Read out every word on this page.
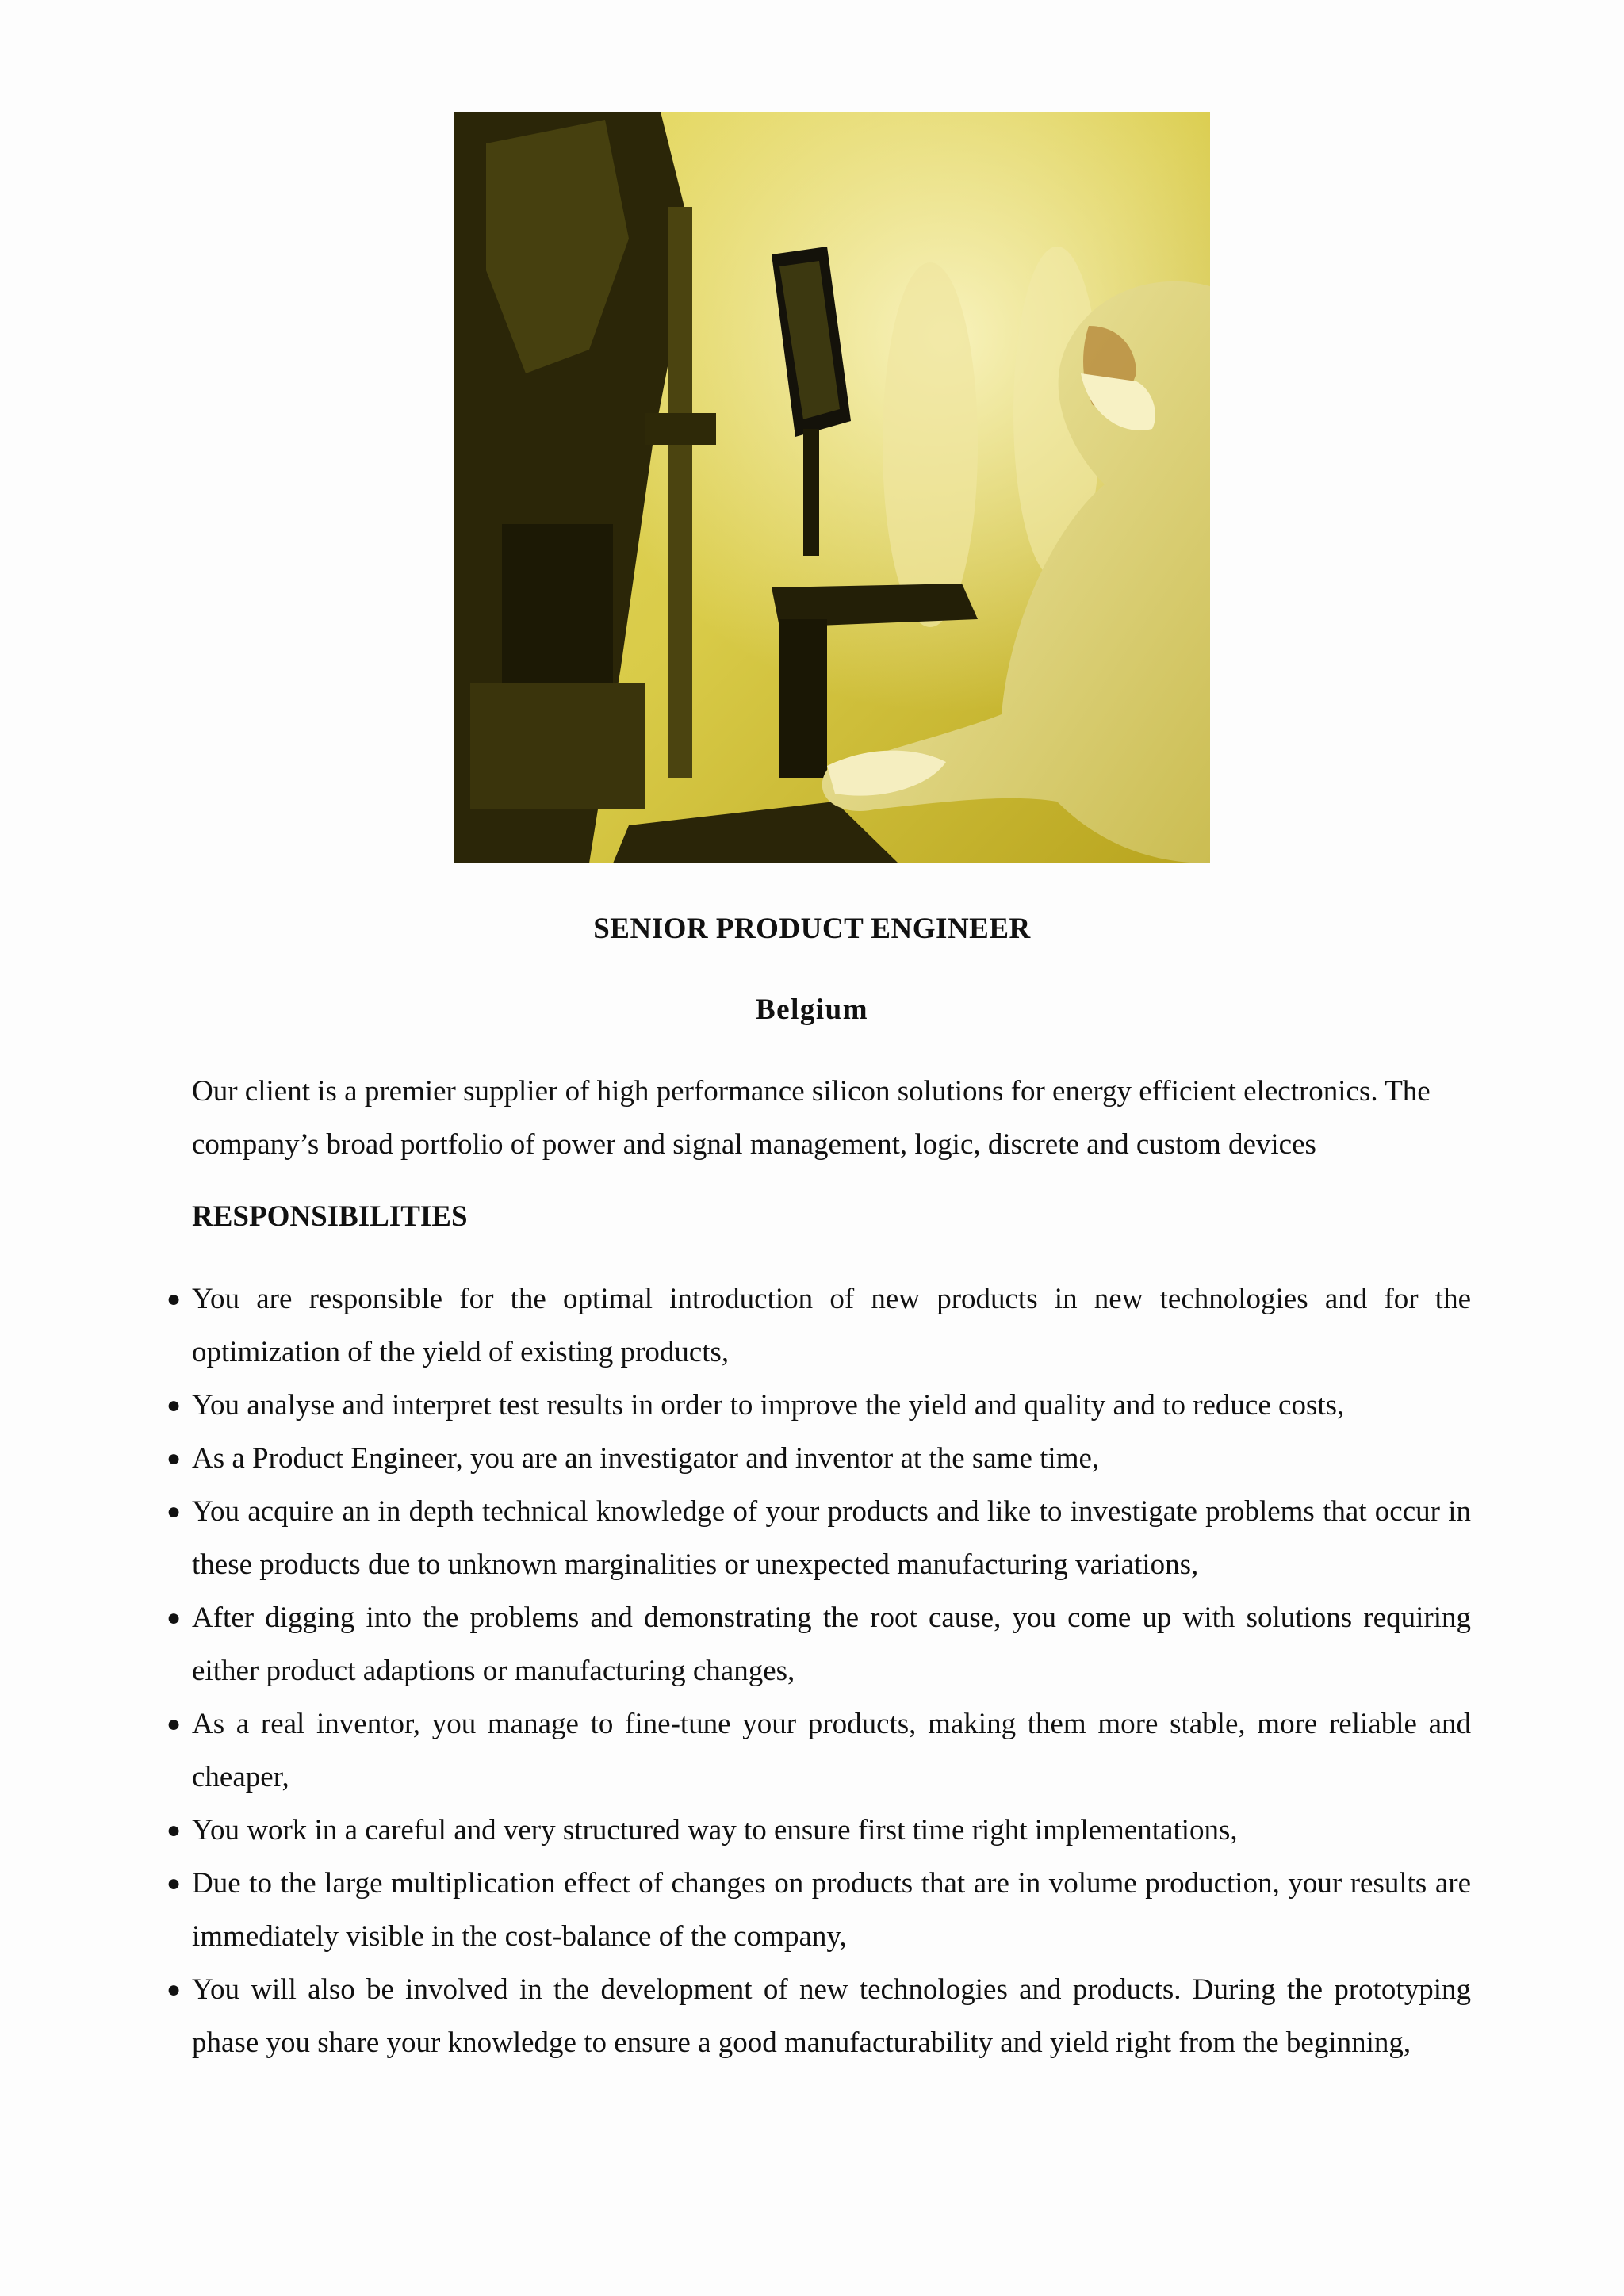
SENIOR PRODUCT ENGINEER
Belgium

Our client is a premier supplier of high performance silicon solutions for energy efficient electronics. The company’s broad portfolio of power and signal management, logic, discrete and custom devices

RESPONSIBILITIES
● You are responsible for the optimal introduction of new products in new technologies and for the optimization of the yield of existing products,
● You analyse and interpret test results in order to improve the yield and quality and to reduce costs,
● As a Product Engineer, you are an investigator and inventor at the same time,
● You acquire an in depth technical knowledge of your products and like to investigate problems that occur in these products due to unknown marginalities or unexpected manufacturing variations,
● After digging into the problems and demonstrating the root cause, you come up with solutions requiring either product adaptions or manufacturing changes,
● As a real inventor, you manage to fine-tune your products, making them more stable, more reliable and cheaper,
● You work in a careful and very structured way to ensure first time right implementations,
● Due to the large multiplication effect of changes on products that are in volume production, your results are immediately visible in the cost-balance of the company,
● You will also be involved in the development of new technologies and products. During the prototyping phase you share your knowledge to ensure a good manufacturability and yield right from the beginning,
